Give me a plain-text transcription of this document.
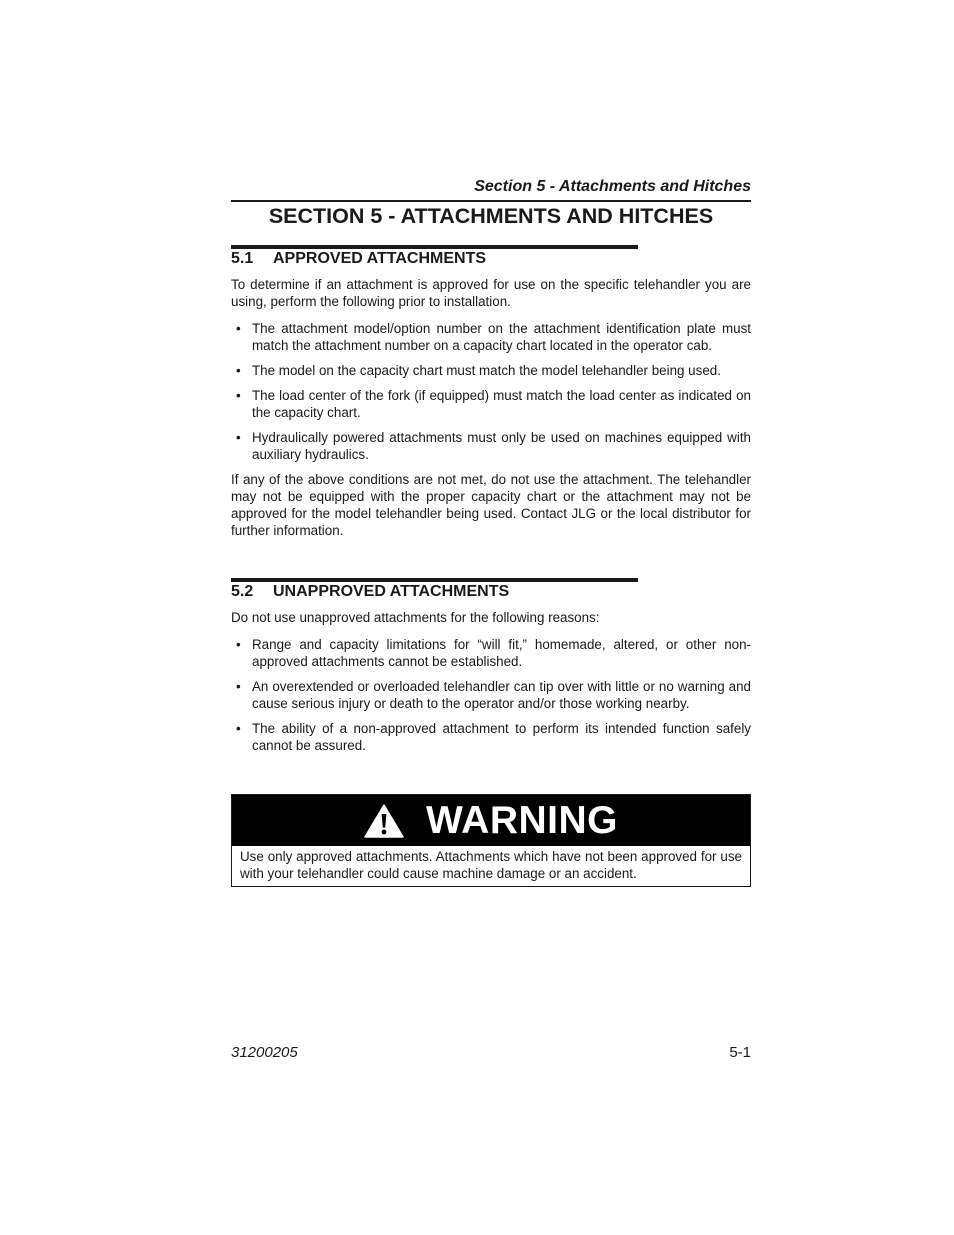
Section 5 - Attachments and Hitches
SECTION 5 - ATTACHMENTS AND HITCHES
5.1 APPROVED ATTACHMENTS

To determine if an attachment is approved for use on the specific telehandler you are using, perform the following prior to installation.

• The attachment model/option number on the attachment identification plate must match the attachment number on a capacity chart located in the operator cab.
• The model on the capacity chart must match the model telehandler being used.
• The load center of the fork (if equipped) must match the load center as indicated on the capacity chart.
• Hydraulically powered attachments must only be used on machines equipped with auxiliary hydraulics.

If any of the above conditions are not met, do not use the attachment. The telehandler may not be equipped with the proper capacity chart or the attachment may not be approved for the model telehandler being used. Contact JLG or the local distributor for further information.

5.2 UNAPPROVED ATTACHMENTS

Do not use unapproved attachments for the following reasons:

• Range and capacity limitations for “will fit,” homemade, altered, or other non-approved attachments cannot be established.
• An overextended or overloaded telehandler can tip over with little or no warning and cause serious injury or death to the operator and/or those working nearby.
• The ability of a non-approved attachment to perform its intended function safely cannot be assured.
WARNING
Use only approved attachments. Attachments which have not been approved for use with your telehandler could cause machine damage or an accident.
31200205	5-1
